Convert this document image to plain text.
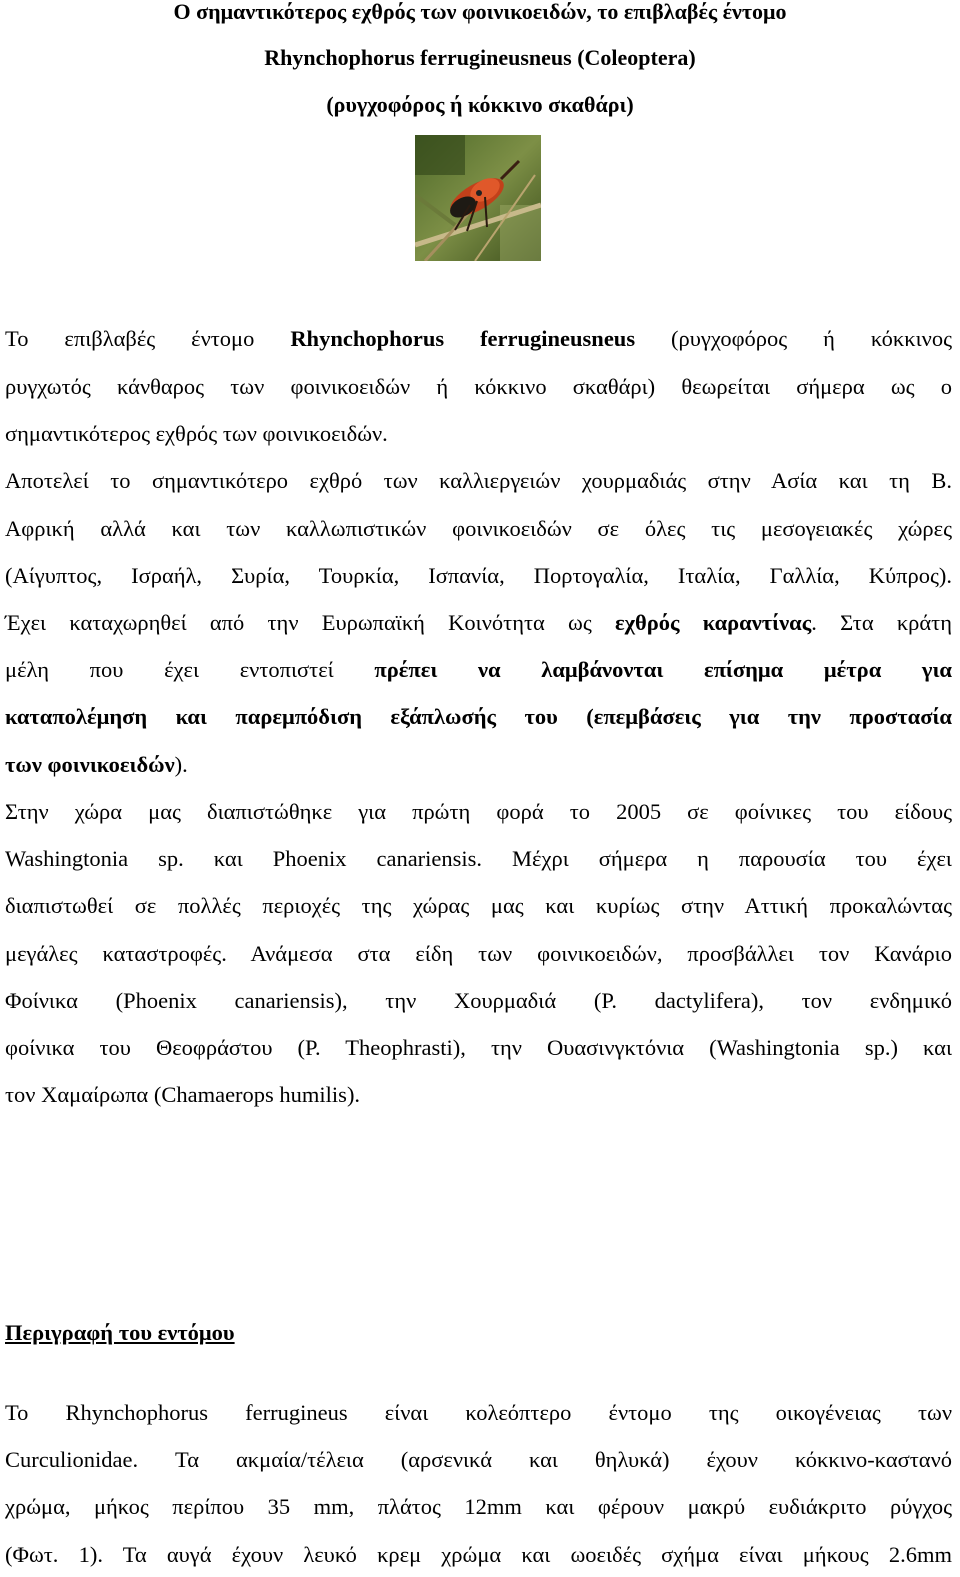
Ο σημαντικότερος εχθρός των φοινικοειδών, το επιβλαβές έντομο
Rhynchophorus ferrugineusneus (Coleoptera)
(ρυγχοφόρος ή κόκκινο σκαθάρι)
Το επιβλαβές έντομο Rhynchophorus ferrugineusneus (ρυγχοφόρος ή κόκκινος
ρυγχωτός κάνθαρος των φοινικοειδών ή κόκκινο σκαθάρι) θεωρείται σήμερα ως ο
σημαντικότερος εχθρός των φοινικοειδών.
Αποτελεί το σημαντικότερο εχθρό των καλλιεργειών χουρμαδιάς στην Ασία και τη Β.
Αφρική αλλά και των καλλωπιστικών φοινικοειδών σε όλες τις μεσογειακές χώρες
(Αίγυπτος, Ισραήλ, Συρία, Τουρκία, Ισπανία, Πορτογαλία, Ιταλία, Γαλλία, Κύπρος).
Έχει καταχωρηθεί από την Ευρωπαϊκή Κοινότητα ως εχθρός καραντίνας. Στα κράτη
μέλη που έχει εντοπιστεί πρέπει να λαμβάνονται επίσημα μέτρα για
καταπολέμηση και παρεμπόδιση εξάπλωσής του (επεμβάσεις για την προστασία
των φοινικοειδών).
Στην χώρα μας διαπιστώθηκε για πρώτη φορά το 2005 σε φοίνικες του είδους
Washingtonia sp. και Phoenix canariensis. Μέχρι σήμερα η παρουσία του έχει
διαπιστωθεί σε πολλές περιοχές της χώρας μας και κυρίως στην Αττική προκαλώντας
μεγάλες καταστροφές. Ανάμεσα στα είδη των φοινικοειδών, προσβάλλει τον Κανάριο
Φοίνικα (Phoenix canariensis), την Χουρμαδιά (P. dactylifera), τον ενδημικό
φοίνικα του Θεοφράστου (P. Theophrasti), την Ουασινγκτόνια (Washingtonia sp.) και
τον Χαμαίρωπα (Chamaerops humilis).
Περιγραφή του εντόμου
To Rhynchophorus ferrugineus είναι κολεόπτερο έντομο της οικογένειας των
Curculionidae. Τα ακμαία/τέλεια (αρσενικά και θηλυκά) έχουν κόκκινο-καστανό
χρώμα, μήκος περίπου 35 mm, πλάτος 12mm και φέρουν μακρύ ευδιάκριτο ρύγχος
(Φωτ. 1). Τα αυγά έχουν λευκό κρεμ χρώμα και ωοειδές σχήμα είναι μήκους 2.6mm
